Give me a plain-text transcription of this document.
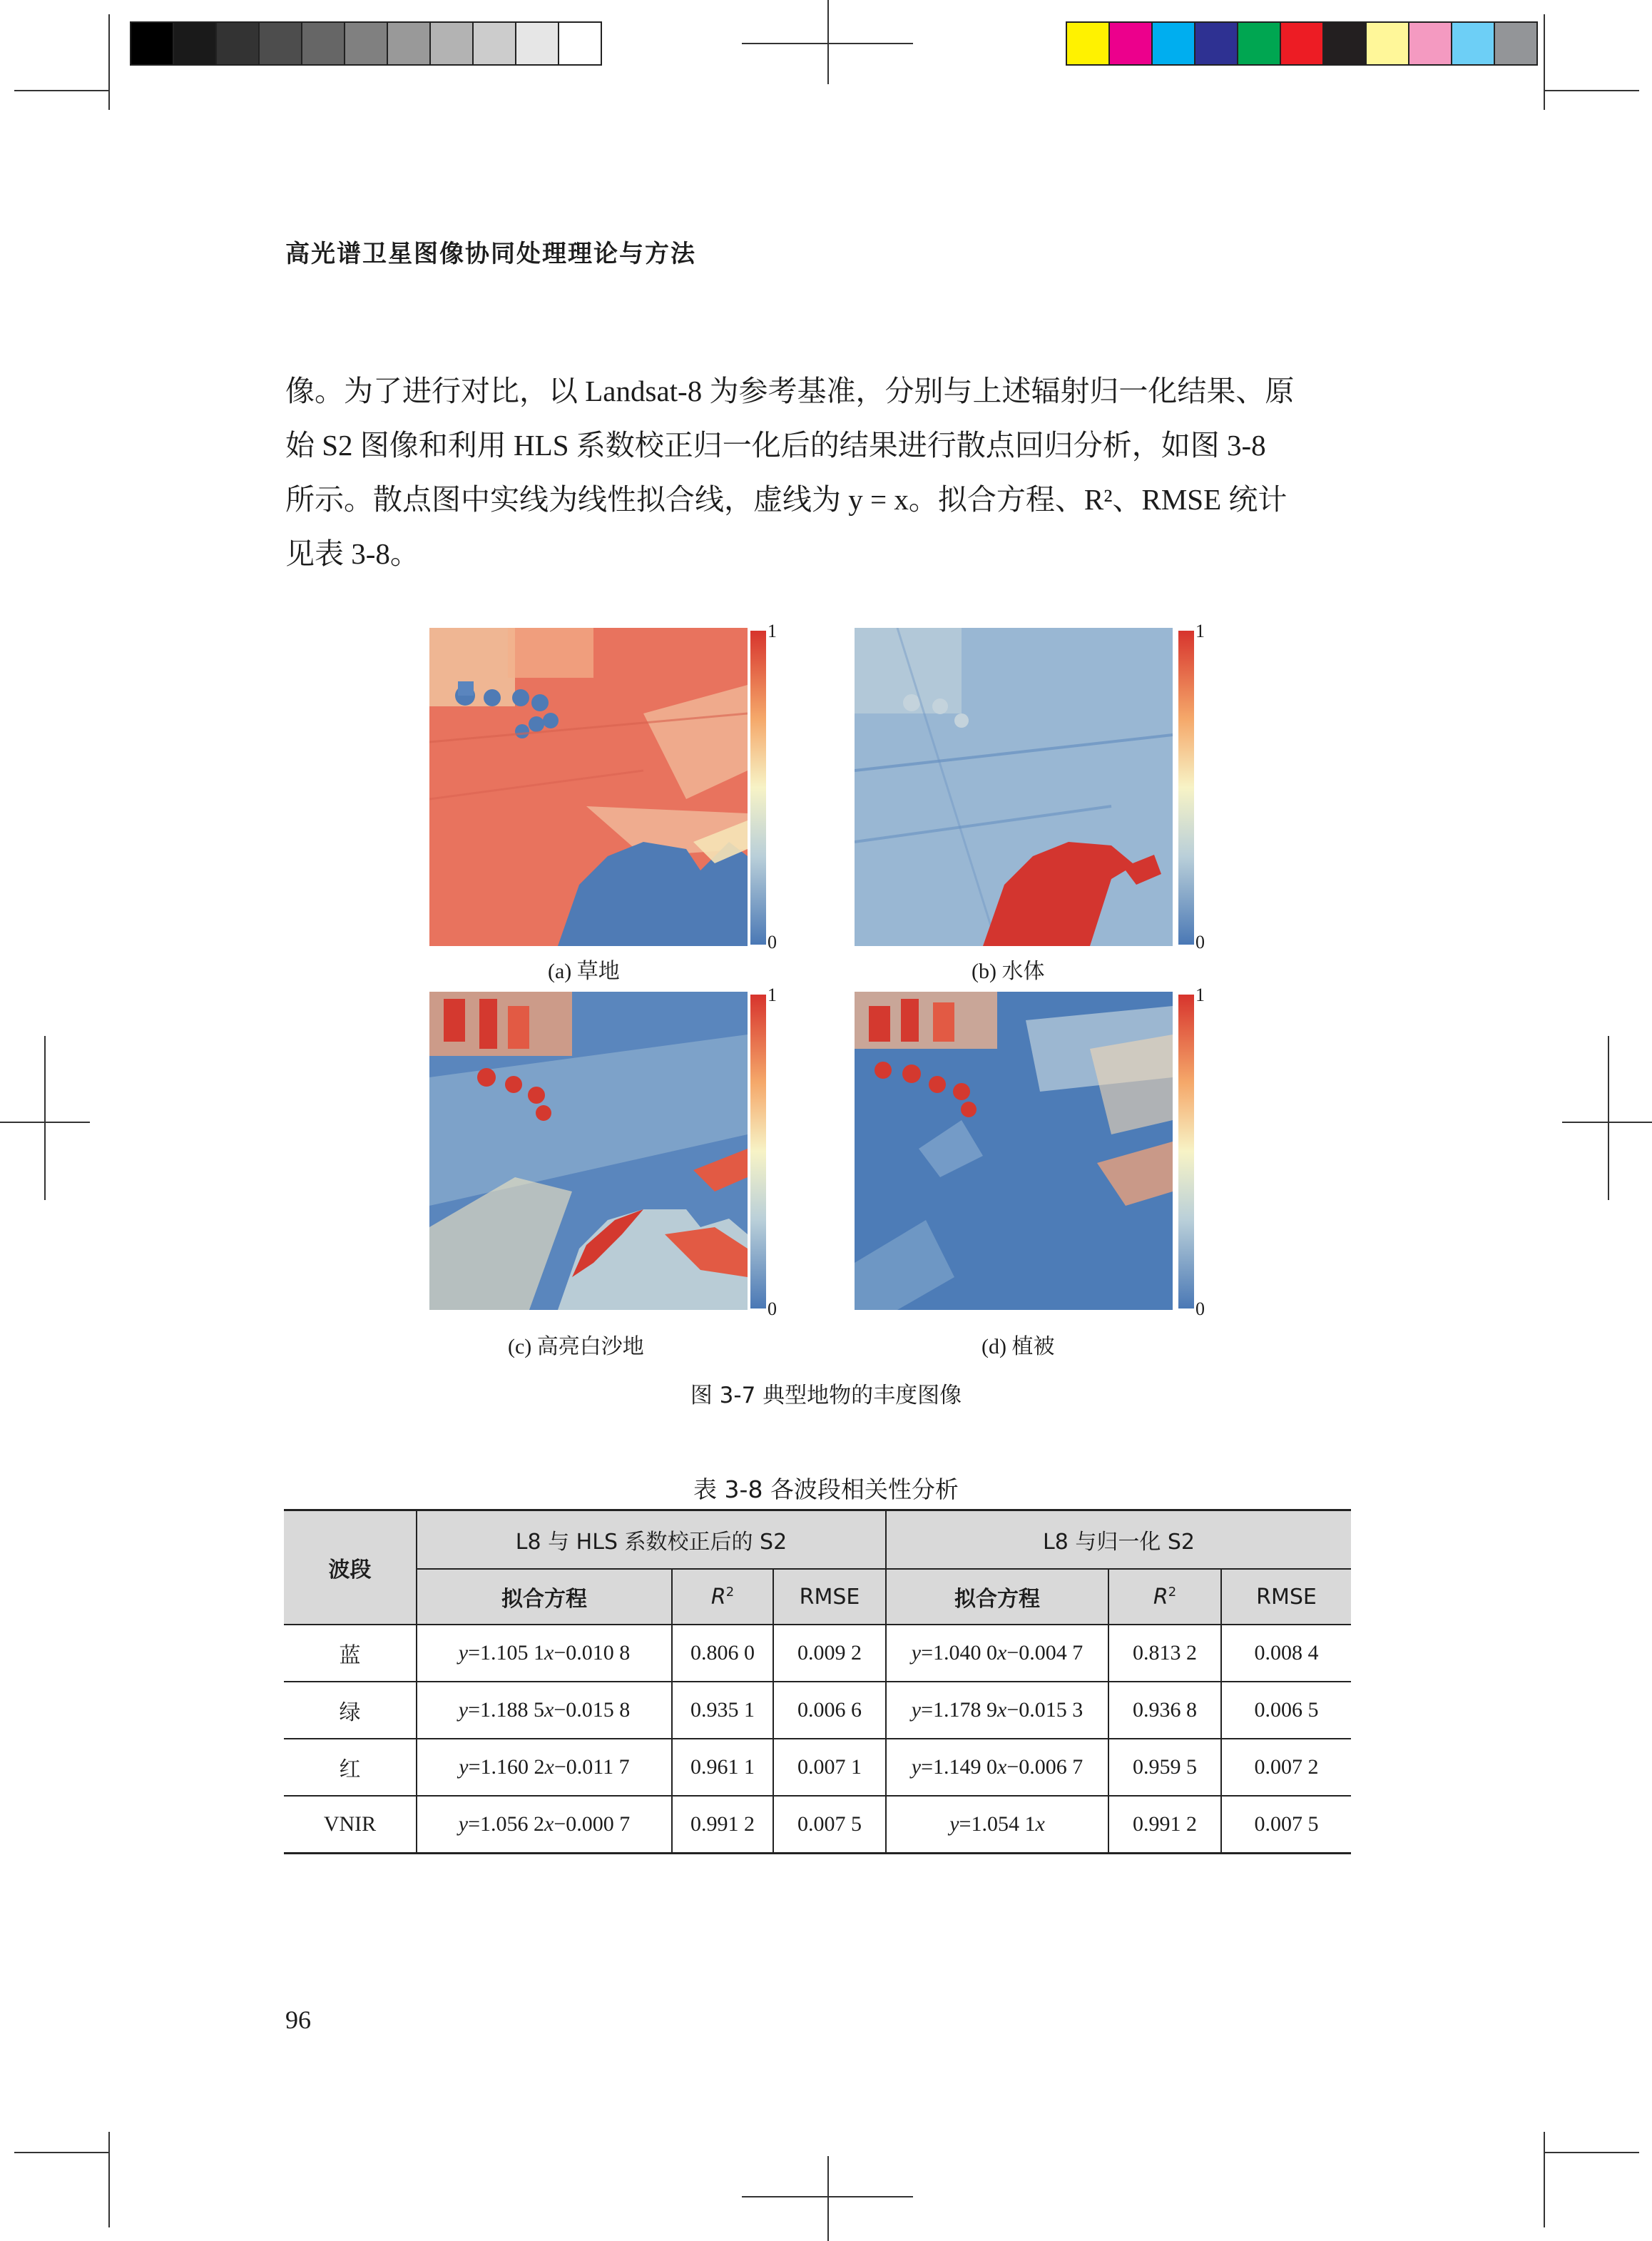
高光谱卫星图像协同处理理论与方法
像。为了进行对比，以 Landsat-8 为参考基准，分别与上述辐射归一化结果、原
始 S2 图像和利用 HLS 系数校正归一化后的结果进行散点回归分析，如图 3-8
所示。散点图中实线为线性拟合线，虚线为 y = x。拟合方程、R²、RMSE 统计
见表 3-8。
1
0
(a) 草地
1
0
(b) 水体
1
0
(c) 高亮白沙地
1
0
(d) 植被
图 3-7 典型地物的丰度图像
表 3-8 各波段相关性分析
波段	L8 与 HLS 系数校正后的 S2			L8 与归一化 S2		
	拟合方程	$R^2$	RMSE	拟合方程	$R^2$	RMSE
蓝	y=1.105 1x−0.010 8	0.806 0	0.009 2	y=1.040 0x−0.004 7	0.813 2	0.008 4
绿	y=1.188 5x−0.015 8	0.935 1	0.006 6	y=1.178 9x−0.015 3	0.936 8	0.006 5
红	y=1.160 2x−0.011 7	0.961 1	0.007 1	y=1.149 0x−0.006 7	0.959 5	0.007 2
VNIR	y=1.056 2x−0.000 7	0.991 2	0.007 5	y=1.054 1x	0.991 2	0.007 5
96
